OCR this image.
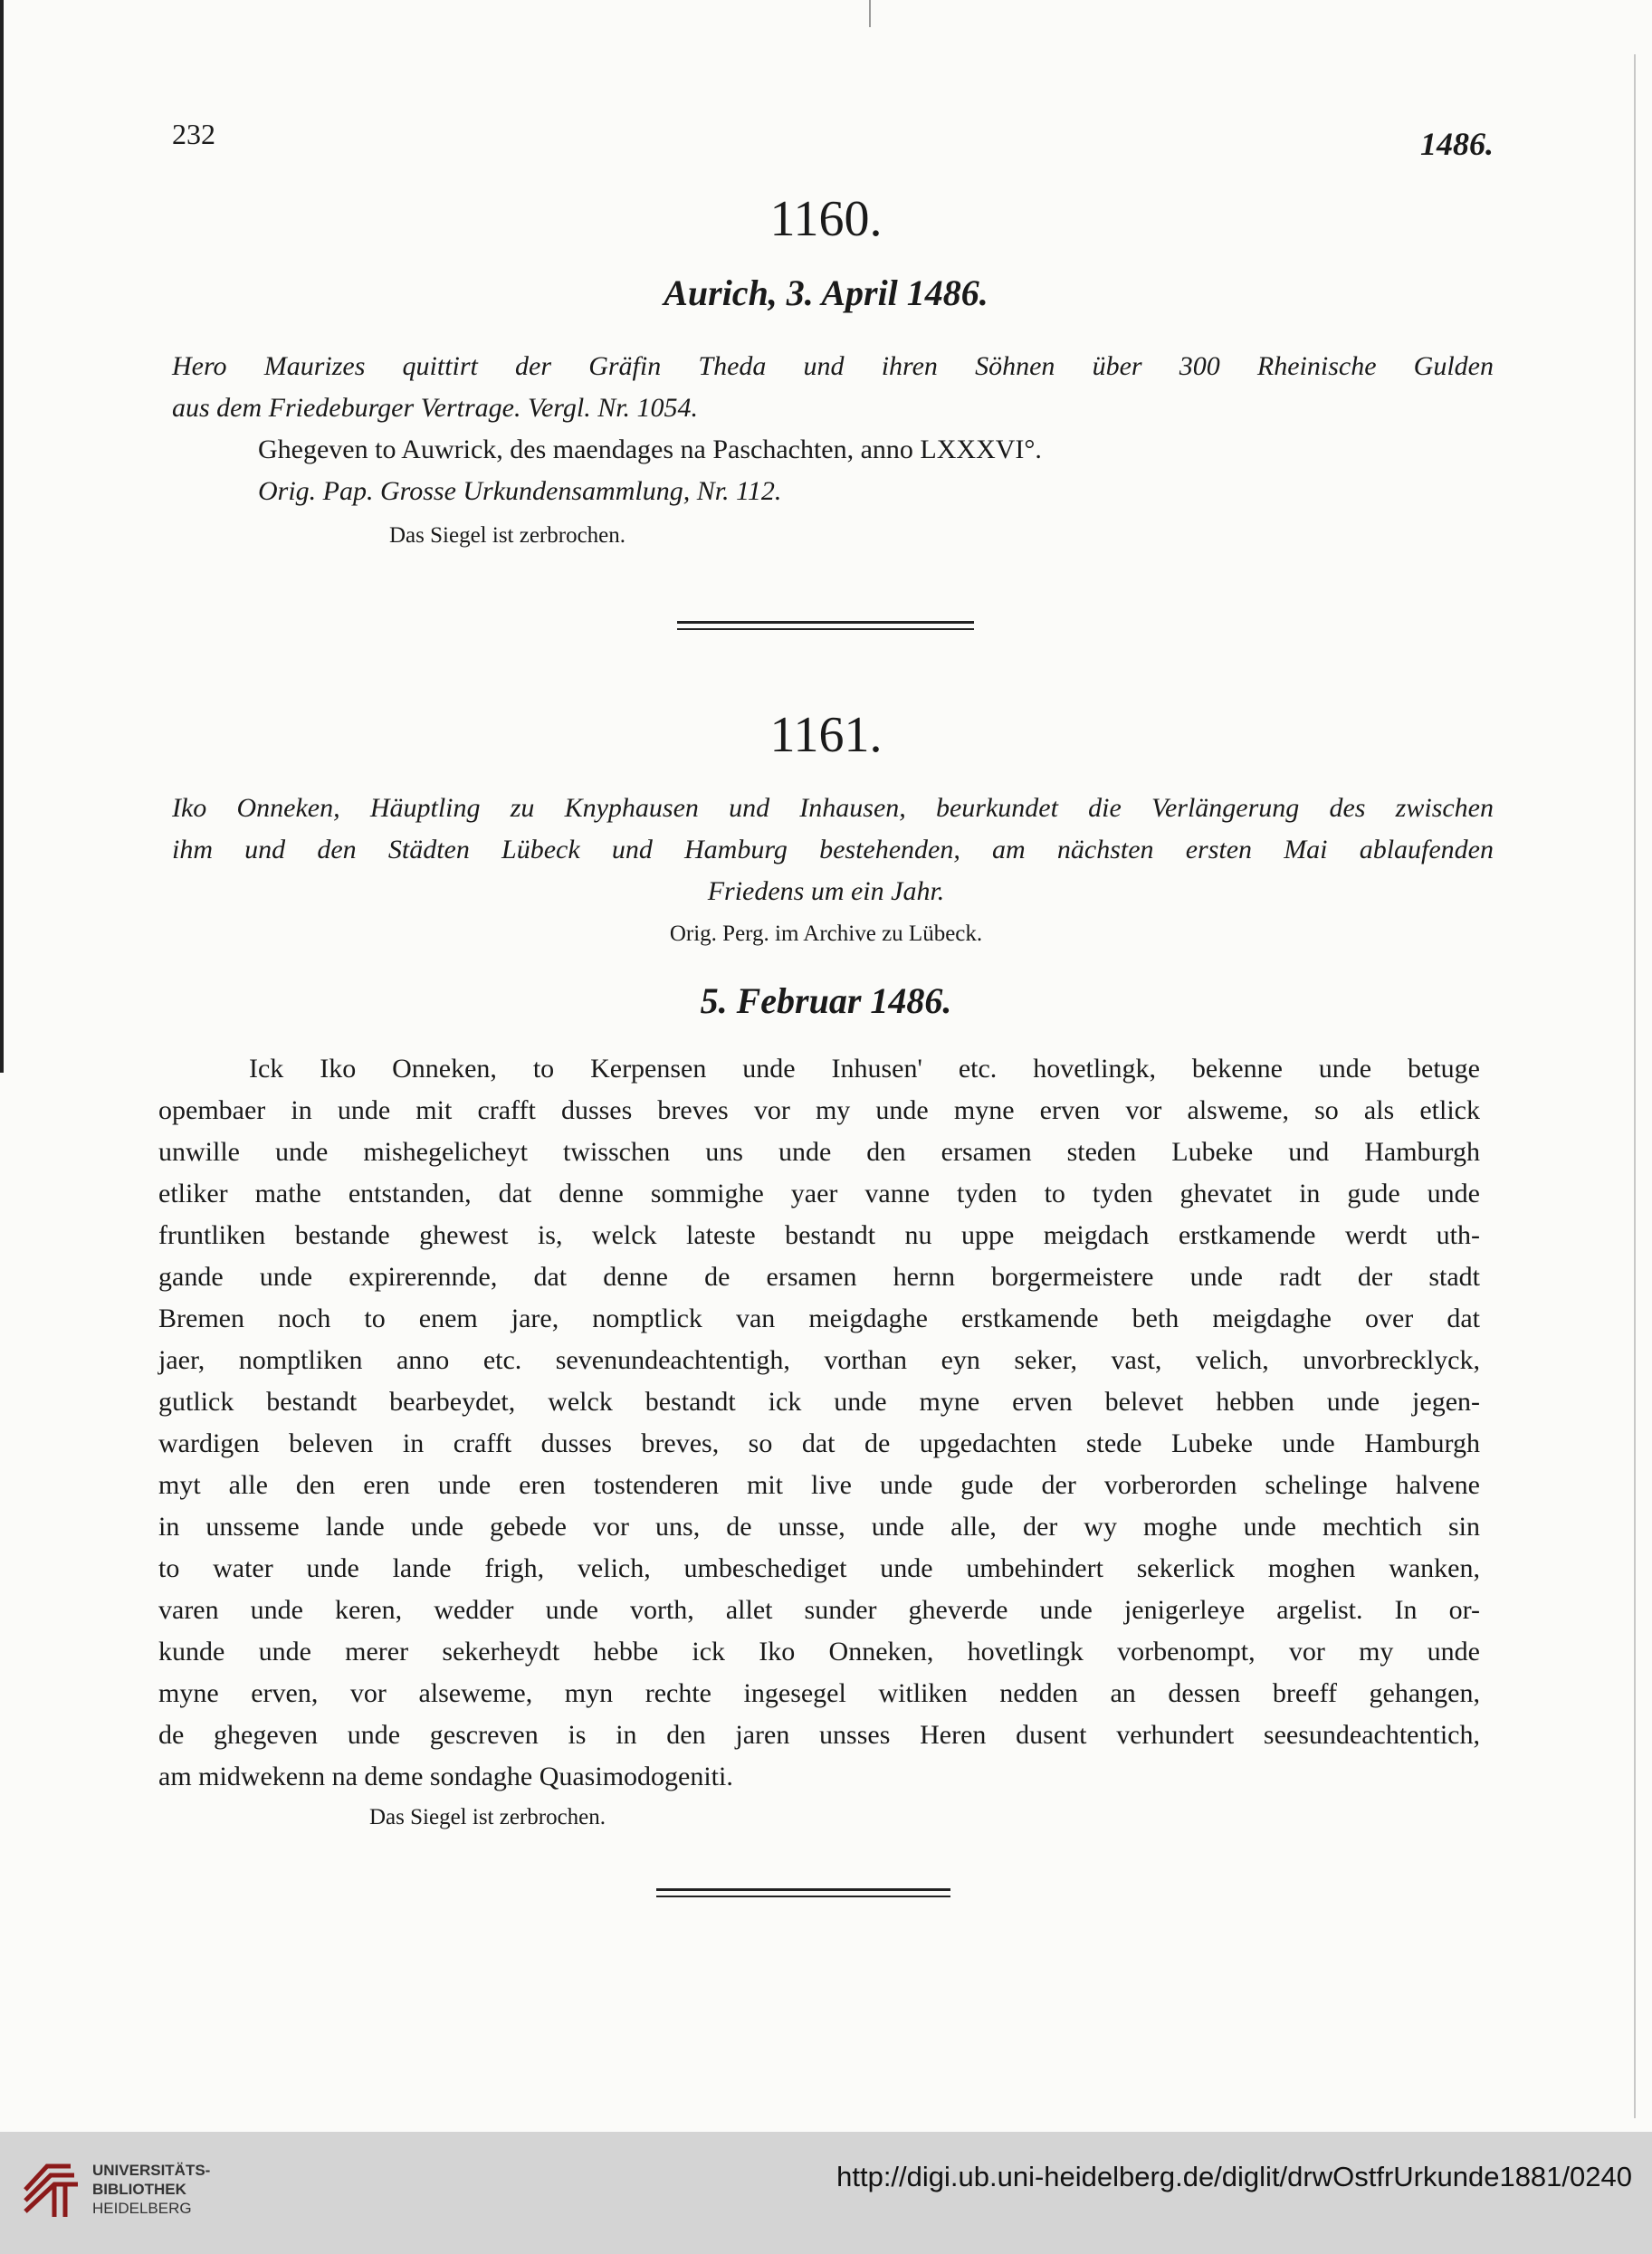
232	1486.
1160.
Aurich, 3. April 1486.
Hero Maurizes quittirt der Gräfin Theda und ihren Söhnen über 300 Rheinische Gulden
aus dem Friedeburger Vertrage. Vergl. Nr. 1054.
Ghegeven to Auwrick, des maendages na Paschachten, anno LXXXVI°.
Orig. Pap. Grosse Urkundensammlung, Nr. 112.
Das Siegel ist zerbrochen.
1161.
Iko Onneken, Häuptling zu Knyphausen und Inhausen, beurkundet die Verlängerung des zwischen
ihm und den Städten Lübeck und Hamburg bestehenden, am nächsten ersten Mai ablaufenden
Friedens um ein Jahr.
Orig. Perg. im Archive zu Lübeck.
5. Februar 1486.
Ick Iko Onneken, to Kerpensen unde Inhusen' etc. hovetlingk, bekenne unde betuge
opembaer in unde mit crafft dusses breves vor my unde myne erven vor alsweme, so als etlick
unwille unde mishegelicheyt twisschen uns unde den ersamen steden Lubeke und Hamburgh
etliker mathe entstanden, dat denne sommighe yaer vanne tyden to tyden ghevatet in gude unde
fruntliken bestande ghewest is, welck lateste bestandt nu uppe meigdach erstkamende werdt uth-
gande unde expirerennde, dat denne de ersamen hernn borgermeistere unde radt der stadt
Bremen noch to enem jare, nomptlick van meigdaghe erstkamende beth meigdaghe over dat
jaer, nomptliken anno etc. sevenundeachtentigh, vorthan eyn seker, vast, velich, unvorbrecklyck,
gutlick bestandt bearbeydet, welck bestandt ick unde myne erven belevet hebben unde jegen-
wardigen beleven in crafft dusses breves, so dat de upgedachten stede Lubeke unde Hamburgh
myt alle den eren unde eren tostenderen mit live unde gude der vorberorden schelinge halvene
in unsseme lande unde gebede vor uns, de unsse, unde alle, der wy moghe unde mechtich sin
to water unde lande frigh, velich, umbeschediget unde umbehindert sekerlick moghen wanken,
varen unde keren, wedder unde vorth, allet sunder gheverde unde jenigerleye argelist. In or-
kunde unde merer sekerheydt hebbe ick Iko Onneken, hovetlingk vorbenompt, vor my unde
myne erven, vor alseweme, myn rechte ingesegel witliken nedden an dessen breeff gehangen,
de ghegeven unde gescreven is in den jaren unsses Heren dusent verhundert seesundeachtentich,
am midwekenn na deme sondaghe Quasimodogeniti.
Das Siegel ist zerbrochen.
UNIVERSITÄTS-
BIBLIOTHEK
HEIDELBERG
http://digi.ub.uni-heidelberg.de/diglit/drwOstfrUrkunde1881/0240
